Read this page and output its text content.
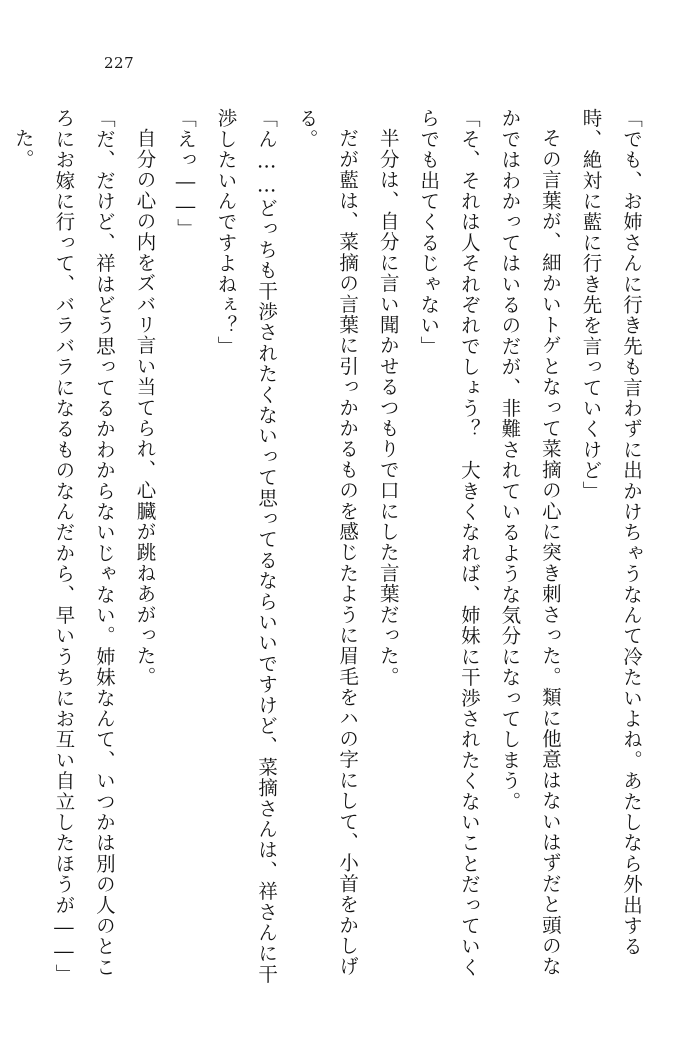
227

「でも、お姉さんに行き先も言わずに出かけちゃうなんて冷たいよね。あたしなら外出する時、絶対に藍に行き先を言っていくけど」

その言葉が、細かいトゲとなって菜摘の心に突き刺さった。類に他意はないはずだと頭のなかではわかってはいるのだが、非難されているような気分になってしまう。

「そ、それは人それぞれでしょう？　大きくなれば、姉妹に干渉されたくないことだっていくらでも出てくるじゃない」

半分は、自分に言い聞かせるつもりで口にした言葉だった。

だが藍は、菜摘の言葉に引っかかるものを感じたように眉毛をハの字にして、小首をかしげる。

「ん……どっちも干渉されたくないって思ってるならいいですけど、菜摘さんは、祥さんに干渉したいんですよねぇ？」

「えっ――」

自分の心の内をズバリ言い当てられ、心臓が跳ねあがった。

「だ、だけど、祥はどう思ってるかわからないじゃない。姉妹なんて、いつかは別の人のところにお嫁に行って、バラバラになるものなんだから、早いうちにお互い自立したほうが――」

た。
